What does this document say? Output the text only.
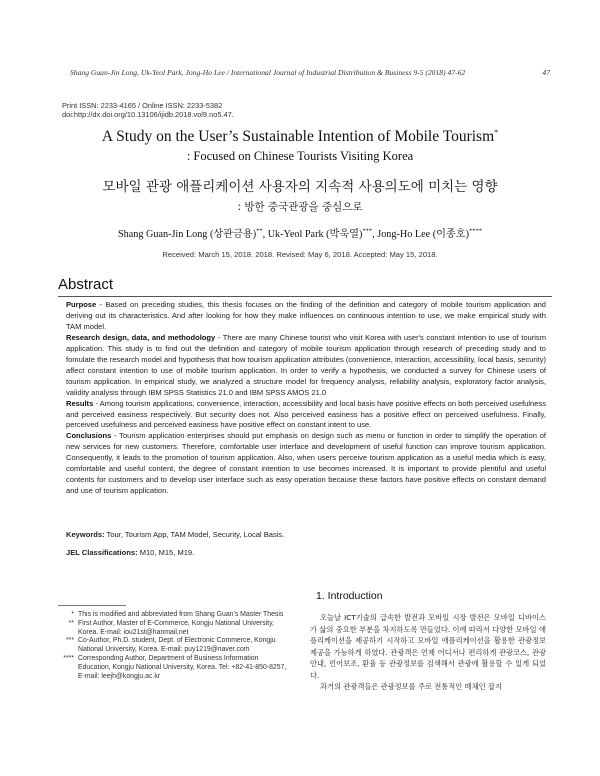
Shang Guan-Jin Long, Uk-Yeol Park, Jong-Ho Lee / International Journal of Industrial Distribution & Business 9-5 (2018) 47-62	47
Print ISSN: 2233-4165 / Online ISSN: 2233-5382
doi:http://dx.doi.org/10.13106/ijidb.2018.vol9.no5.47.
A Study on the User’s Sustainable Intention of Mobile Tourism*
: Focused on Chinese Tourists Visiting Korea
모바일 관광 애플리케이션 사용자의 지속적 사용의도에 미치는 영향
: 방한 중국관광을 중심으로
Shang Guan-Jin Long (상관금용)**, Uk-Yeol Park (박욱열)***, Jong-Ho Lee (이종호)****
Received: March 15, 2018. 2018. Revised: May 6, 2018. Accepted: May 15, 2018.
Abstract

Purpose - Based on preceding studies, this thesis focuses on the finding of the definition and category of mobile tourism application and deriving out its characteristics. And after looking for how they make influences on continuous intention to use, we make empirical study with TAM model.

Research design, data, and methodology - There are many Chinese tourist who visit Korea with user's constant intention to use of tourism application. This study is to find out the definition and category of mobile tourism application through research of preceding study and to fomulate the research model and hypothesis that how tourism application attributes (convenience, interaction, accessibility, local basis, security) affect constant intention to use of mobile tourism application. In order to verify a hypothesis, we conducted a survey for Chinese users of tourism application. In empirical study, we analyzed a structure model for frequency analysis, reliability analysis, exploratory factor analysis, validity analysis through IBM SPSS Statistics 21.0 and IBM SPSS AMOS 21.0

Results - Among tourism applications, convenience, interaction, accessibility and local basis have positive effects on both perceived usefulness and perceived easiness respectively. But security does not. Also perceived easiness has a positive effect on perceived usefulness. Finally, perceived usefulness and perceived easiness have positive effect on constant intent to use.

Conclusions - Tourism application enterprises should put emphasis on design such as menu or function in order to simplify the operation of new services for new customers. Therefore, comfortable user interface and development of useful function can improve tourism application. Consequently, it leads to the promotion of tourism application. Also, when users perceive tourism application as a useful media which is easy, comfortable and useful content, the degree of constant intention to use becomes increased. It is important to provide plentiful and useful contents for customers and to develop user interface such as easy operation because these factors have positive effects on constant demand and use of tourism application.

Keywords: Tour, Tourism App, TAM Model, Security, Local Basis.
JEL Classifications: M10, M15, M19.
* This is modified and abbreviated from Shang Guan's Master Thesis
** First Author, Master of E-Commerce, Kongju National University, Korea. E-mail: iou21st@hanmail.net
*** Co-Author, Ph.D. student, Dept. of Electronic Commerce, Kongju National University, Korea. E-mail: puy1219@naver.com
**** Corresponding Author, Department of Business Information Education, Kongju National University, Korea. Tel: +82-41-850-8257, E-mail: leejh@kongju.ac.kr
1. Introduction

오늘날 ICT기술의 급속한 발전과 모바일 시장 발전은 모바일 디바이스가 삶의 중요한 부분을 차지하도록 만들었다. 이에 따라서 다양한 모바일 애플리케이션을 제공하기 시작하고 모바일 애플리케이션을 활용한 관광정보 제공을 가능하게 하였다. 관광객은 언제 어디서나 편리하게 관광코스, 관광안내, 언어보조, 환율 등 관광정보를 검색해서 관광에 활용할 수 있게 되었다.

과거의 관광객들은 관광정보를 주로 전통적인 매체인 잡지
